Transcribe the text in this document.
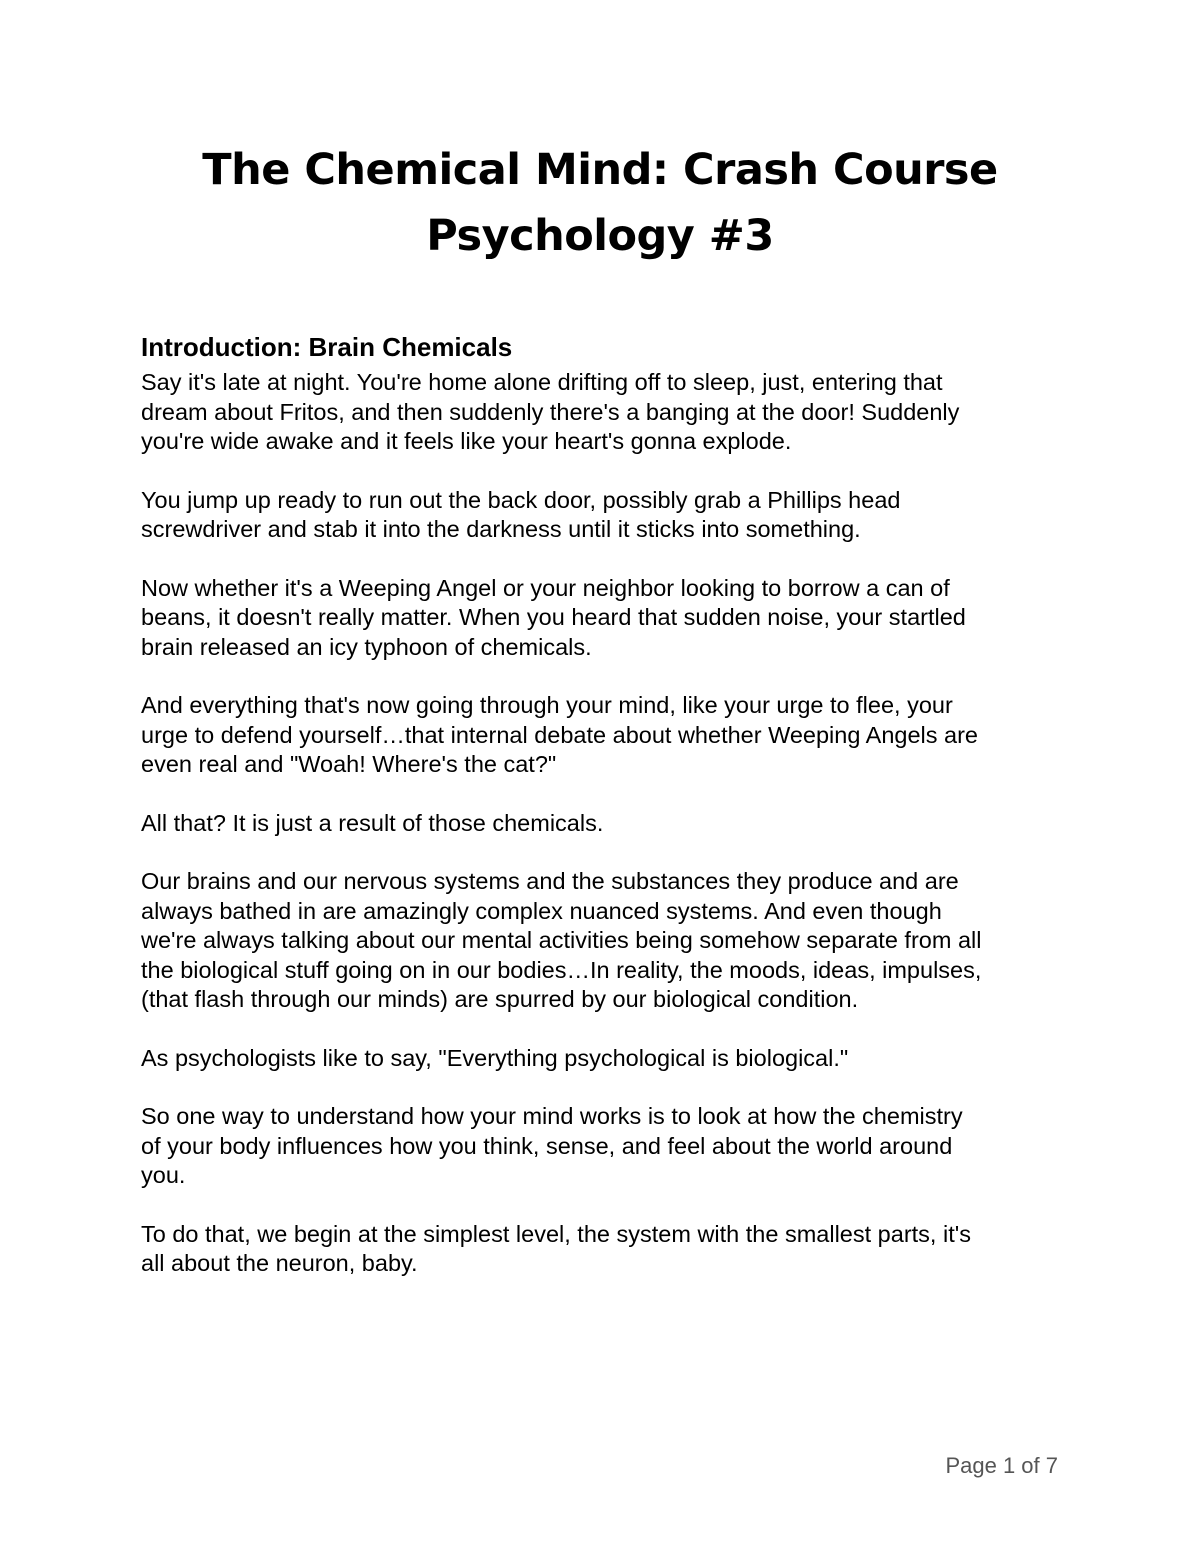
The Chemical Mind: Crash Course
Psychology #3
Introduction: Brain Chemicals

Say it's late at night. You're home alone drifting off to sleep, just, entering that
dream about Fritos, and then suddenly there's a banging at the door! Suddenly
you're wide awake and it feels like your heart's gonna explode.

You jump up ready to run out the back door, possibly grab a Phillips head
screwdriver and stab it into the darkness until it sticks into something.

Now whether it's a Weeping Angel or your neighbor looking to borrow a can of
beans, it doesn't really matter. When you heard that sudden noise, your startled
brain released an icy typhoon of chemicals.

And everything that's now going through your mind, like your urge to flee, your
urge to defend yourself…that internal debate about whether Weeping Angels are
even real and "Woah! Where's the cat?"

All that? It is just a result of those chemicals.

Our brains and our nervous systems and the substances they produce and are
always bathed in are amazingly complex nuanced systems. And even though
we're always talking about our mental activities being somehow separate from all
the biological stuff going on in our bodies…In reality, the moods, ideas, impulses,
(that flash through our minds) are spurred by our biological condition.

As psychologists like to say, "Everything psychological is biological."

So one way to understand how your mind works is to look at how the chemistry
of your body influences how you think, sense, and feel about the world around
you.

To do that, we begin at the simplest level, the system with the smallest parts, it's
all about the neuron, baby.

Page 1 of 7
